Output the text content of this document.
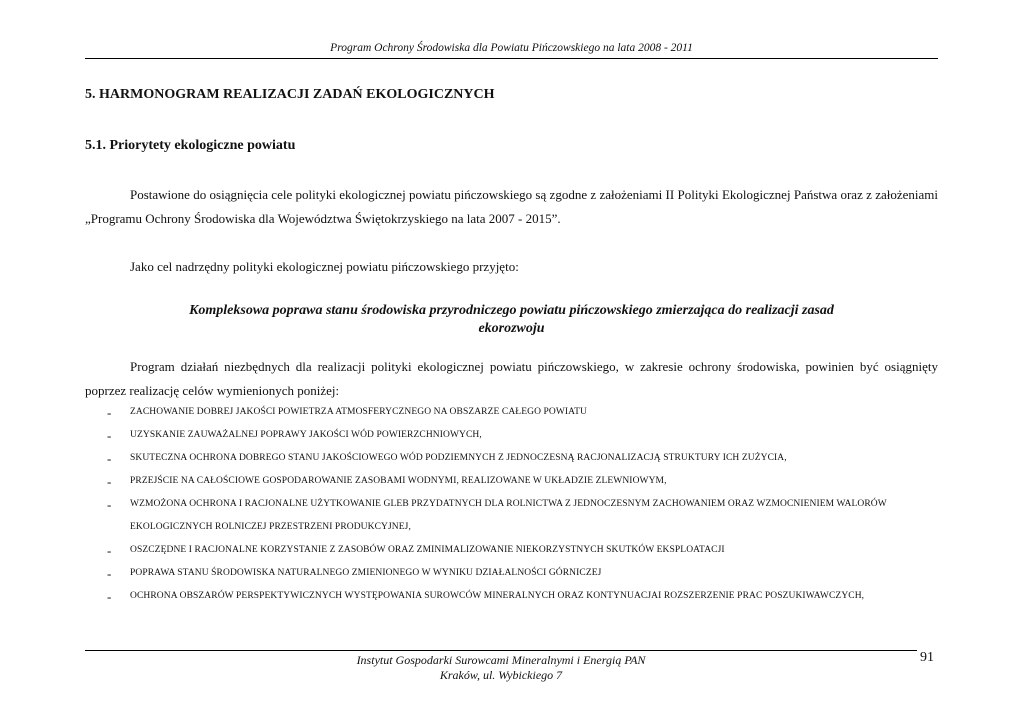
Program Ochrony Środowiska dla Powiatu Pińczowskiego na lata 2008 - 2011
5. HARMONOGRAM REALIZACJI ZADAŃ EKOLOGICZNYCH
5.1. Priorytety ekologiczne powiatu
Postawione do osiągnięcia cele polityki ekologicznej powiatu pińczowskiego są zgodne z założeniami II Polityki Ekologicznej Państwa oraz z założeniami „Programu Ochrony Środowiska dla Województwa Świętokrzyskiego na lata 2007 - 2015”.
Jako cel nadrzędny polityki ekologicznej powiatu pińczowskiego przyjęto:
Kompleksowa poprawa stanu środowiska przyrodniczego powiatu pińczowskiego zmierzająca do realizacji zasad
ekorozwoju
Program działań niezbędnych dla realizacji polityki ekologicznej powiatu pińczowskiego, w zakresie ochrony środowiska, powinien być osiągnięty poprzez realizację celów wymienionych poniżej:
- ZACHOWANIE DOBREJ JAKOŚCI POWIETRZA ATMOSFERYCZNEGO NA OBSZARZE CAŁEGO POWIATU
- UZYSKANIE ZAUWAŻALNEJ POPRAWY JAKOŚCI WÓD POWIERZCHNIOWYCH,
- SKUTECZNA OCHRONA DOBREGO STANU JAKOŚCIOWEGO WÓD PODZIEMNYCH Z JEDNOCZESNĄ RACJONALIZACJĄ STRUKTURY ICH ZUŻYCIA,
- PRZEJŚCIE NA CAŁOŚCIOWE GOSPODAROWANIE ZASOBAMI WODNYMI, REALIZOWANE W UKŁADZIE ZLEWNIOWYM,
- WZMOŻONA OCHRONA I RACJONALNE UŻYTKOWANIE GLEB PRZYDATNYCH DLA ROLNICTWA Z JEDNOCZESNYM ZACHOWANIEM ORAZ WZMOCNIENIEM WALORÓW EKOLOGICZNYCH ROLNICZEJ PRZESTRZENI PRODUKCYJNEJ,
- OSZCZĘDNE I RACJONALNE KORZYSTANIE Z ZASOBÓW ORAZ ZMINIMALIZOWANIE NIEKORZYSTNYCH SKUTKÓW EKSPLOATACJI
- POPRAWA STANU ŚRODOWISKA NATURALNEGO ZMIENIONEGO W WYNIKU DZIAŁALNOŚCI GÓRNICZEJ
- OCHRONA OBSZARÓW PERSPEKTYWICZNYCH WYSTĘPOWANIA SUROWCÓW MINERALNYCH ORAZ KONTYNUACJAI ROZSZERZENIE PRAC POSZUKIWAWCZYCH,
Instytut Gospodarki Surowcami Mineralnymi i Energią PAN
Kraków, ul. Wybickiego 7
91
